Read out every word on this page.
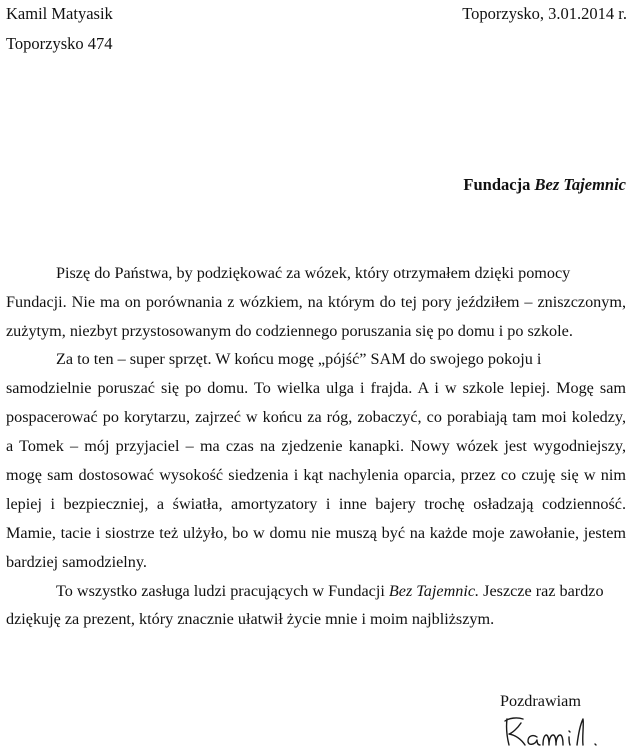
Kamil Matyasik
Toporzysko 474
Toporzysko, 3.01.2014 r.
Fundacja Bez Tajemnic
Piszę do Państwa, by podziękować za wózek, który otrzymałem dzięki pomocy
Fundacji. Nie ma on porównania z wózkiem, na którym do tej pory jeździłem – zniszczonym,
zużytym, niezbyt przystosowanym do codziennego poruszania się po domu i po szkole.
Za to ten – super sprzęt. W końcu mogę „pójść” SAM do swojego pokoju i
samodzielnie poruszać się po domu. To wielka ulga i frajda. A i w szkole lepiej. Mogę sam
pospacerować po korytarzu, zajrzeć w końcu za róg, zobaczyć, co porabiają tam moi koledzy,
a Tomek – mój przyjaciel – ma czas na zjedzenie kanapki. Nowy wózek jest wygodniejszy,
mogę sam dostosować wysokość siedzenia i kąt nachylenia oparcia, przez co czuję się w nim
lepiej i bezpieczniej, a światła, amortyzatory i inne bajery trochę osładzają codzienność.
Mamie, tacie i siostrze też ulżyło, bo w domu nie muszą być na każde moje zawołanie, jestem
bardziej samodzielny.
To wszystko zasługa ludzi pracujących w Fundacji Bez Tajemnic. Jeszcze raz bardzo
dziękuję za prezent, który znacznie ułatwił życie mnie i moim najbliższym.
Pozdrawiam
